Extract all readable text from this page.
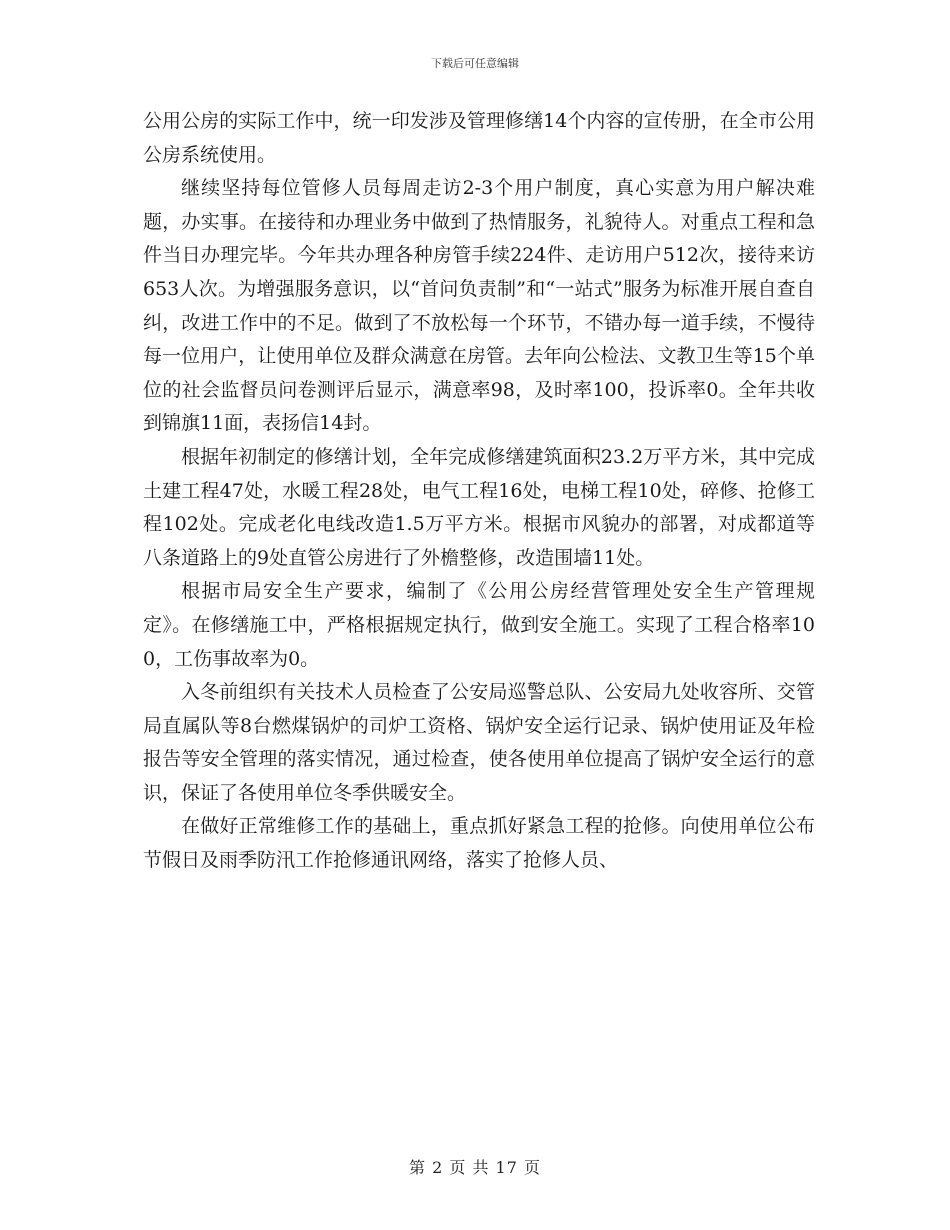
下载后可任意编辑

公用公房的实际工作中，统一印发涉及管理修缮14个内容的宣传册，在全市公用公房系统使用。

继续坚持每位管修人员每周走访2-3个用户制度，真心实意为用户解决难题，办实事。在接待和办理业务中做到了热情服务，礼貌待人。对重点工程和急件当日办理完毕。今年共办理各种房管手续224件、走访用户512次，接待来访653人次。为增强服务意识，以“首问负责制”和“一站式”服务为标准开展自查自纠，改进工作中的不足。做到了不放松每一个环节，不错办每一道手续，不慢待每一位用户，让使用单位及群众满意在房管。去年向公检法、文教卫生等15个单位的社会监督员问卷测评后显示，满意率98，及时率100，投诉率0。全年共收到锦旗11面，表扬信14封。

根据年初制定的修缮计划，全年完成修缮建筑面积23.2万平方米，其中完成土建工程47处，水暖工程28处，电气工程16处，电梯工程10处，碎修、抢修工程102处。完成老化电线改造1.5万平方米。根据市风貌办的部署，对成都道等八条道路上的9处直管公房进行了外檐整修，改造围墙11处。

根据市局安全生产要求，编制了《公用公房经营管理处安全生产管理规定》。在修缮施工中，严格根据规定执行，做到安全施工。实现了工程合格率100，工伤事故率为0。

入冬前组织有关技术人员检查了公安局巡警总队、公安局九处收容所、交管局直属队等8台燃煤锅炉的司炉工资格、锅炉安全运行记录、锅炉使用证及年检报告等安全管理的落实情况，通过检查，使各使用单位提高了锅炉安全运行的意识，保证了各使用单位冬季供暖安全。

在做好正常维修工作的基础上，重点抓好紧急工程的抢修。向使用单位公布节假日及雨季防汛工作抢修通讯网络，落实了抢修人员、

第 2 页 共 17 页
